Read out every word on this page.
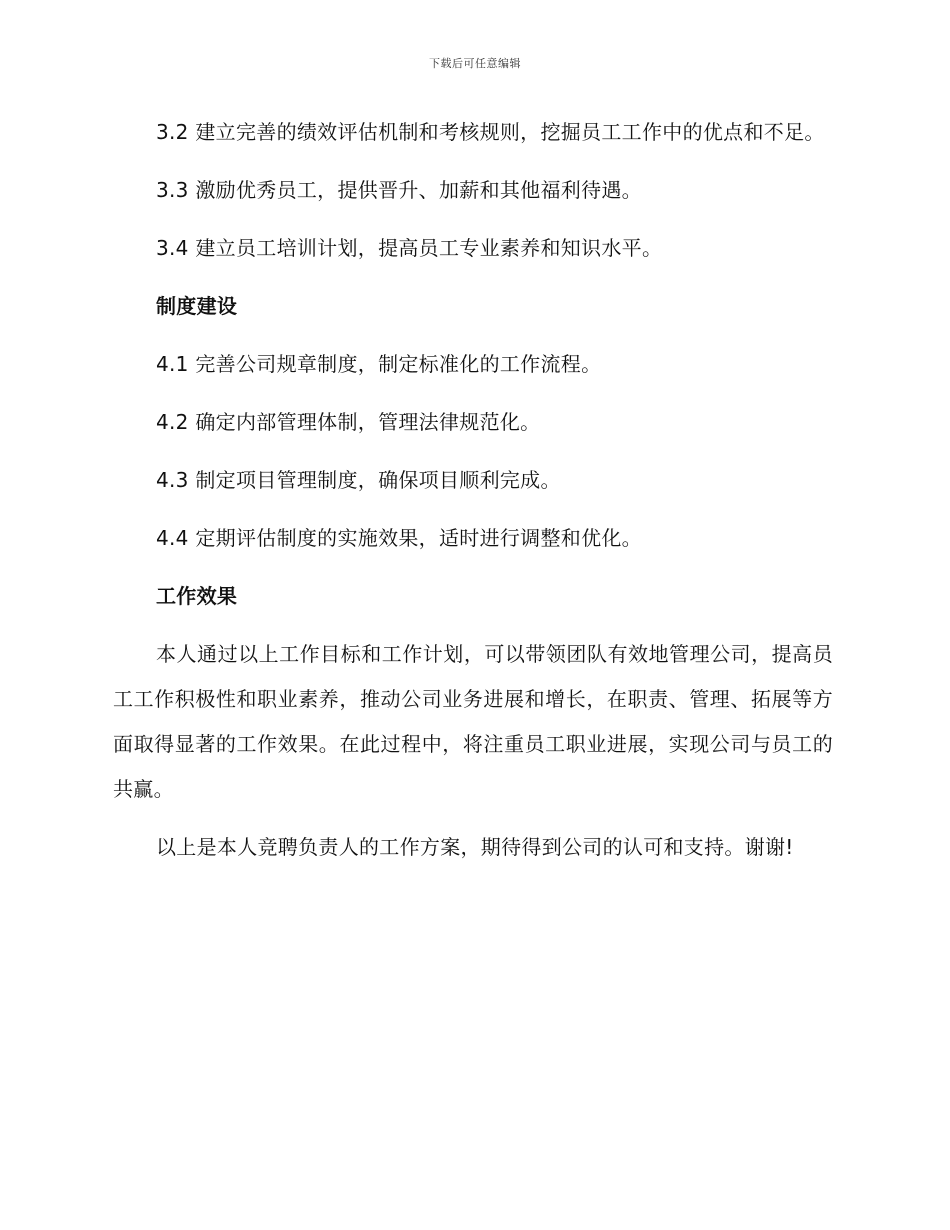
下载后可任意编辑

3.2 建立完善的绩效评估机制和考核规则，挖掘员工工作中的优点和不足。

3.3 激励优秀员工，提供晋升、加薪和其他福利待遇。

3.4 建立员工培训计划，提高员工专业素养和知识水平。

制度建设

4.1 完善公司规章制度，制定标准化的工作流程。

4.2 确定内部管理体制，管理法律规范化。

4.3 制定项目管理制度，确保项目顺利完成。

4.4 定期评估制度的实施效果，适时进行调整和优化。

工作效果

本人通过以上工作目标和工作计划，可以带领团队有效地管理公司，提高员工工作积极性和职业素养，推动公司业务进展和增长，在职责、管理、拓展等方面取得显著的工作效果。在此过程中，将注重员工职业进展，实现公司与员工的共赢。

以上是本人竞聘负责人的工作方案，期待得到公司的认可和支持。谢谢!
